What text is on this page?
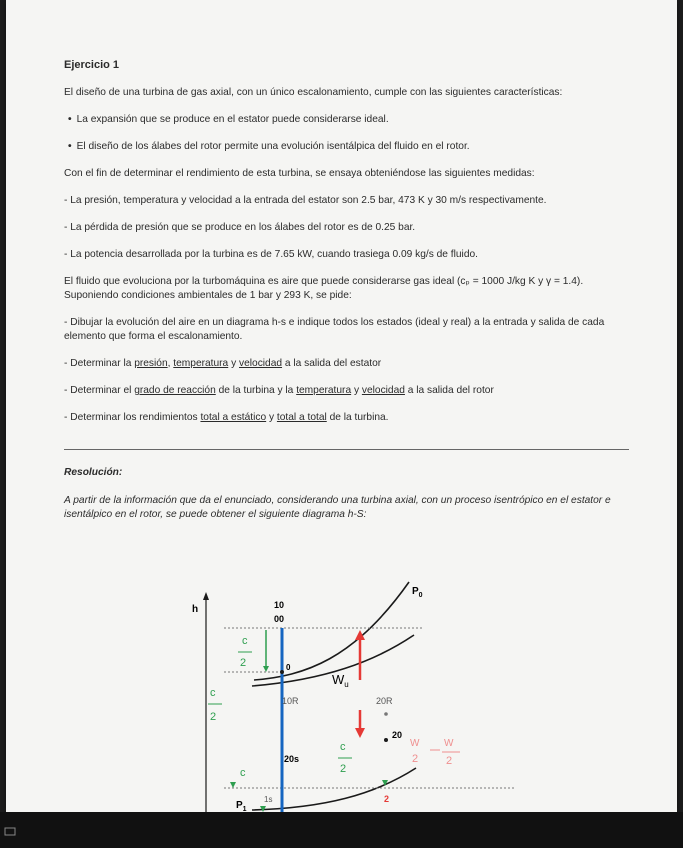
Ejercicio 1

El diseño de una turbina de gas axial, con un único escalonamiento, cumple con las siguientes características:

• La expansión que se produce en el estator puede considerarse ideal.
• El diseño de los álabes del rotor permite una evolución isentálpica del fluido en el rotor.

Con el fin de determinar el rendimiento de esta turbina, se ensaya obteniéndose las siguientes medidas:

- La presión, temperatura y velocidad a la entrada del estator son 2.5 bar, 473 K y 30 m/s respectivamente.
- La pérdida de presión que se produce en los álabes del rotor es de 0.25 bar.
- La potencia desarrollada por la turbina es de 7.65 kW, cuando trasiega 0.09 kg/s de fluido.

El fluido que evoluciona por la turbomáquina es aire que puede considerarse gas ideal (cₚ = 1000 J/kg K y γ = 1.4). Suponiendo condiciones ambientales de 1 bar y 293 K, se pide:

- Dibujar la evolución del aire en un diagrama h-s e indique todos los estados (ideal y real) a la entrada y salida de cada elemento que forma el escalonamiento.
- Determinar la presión, temperatura y velocidad a la salida del estator
- Determinar el grado de reacción de la turbina y la temperatura y velocidad a la salida del rotor
- Determinar los rendimientos total a estático y total a total de la turbina.
Resolución:
A partir de la información que da el enunciado, considerando una turbina axial, con un proceso isentrópico en el estator e isentálpico en el rotor, se puede obtener el siguiente diagrama h-S:
h
$P_0$
c
2
c
2
c
10
00
0
10R	20R
$W_u$
20
20s
c
2
W
2
W
2
$P_1$
1s	2
